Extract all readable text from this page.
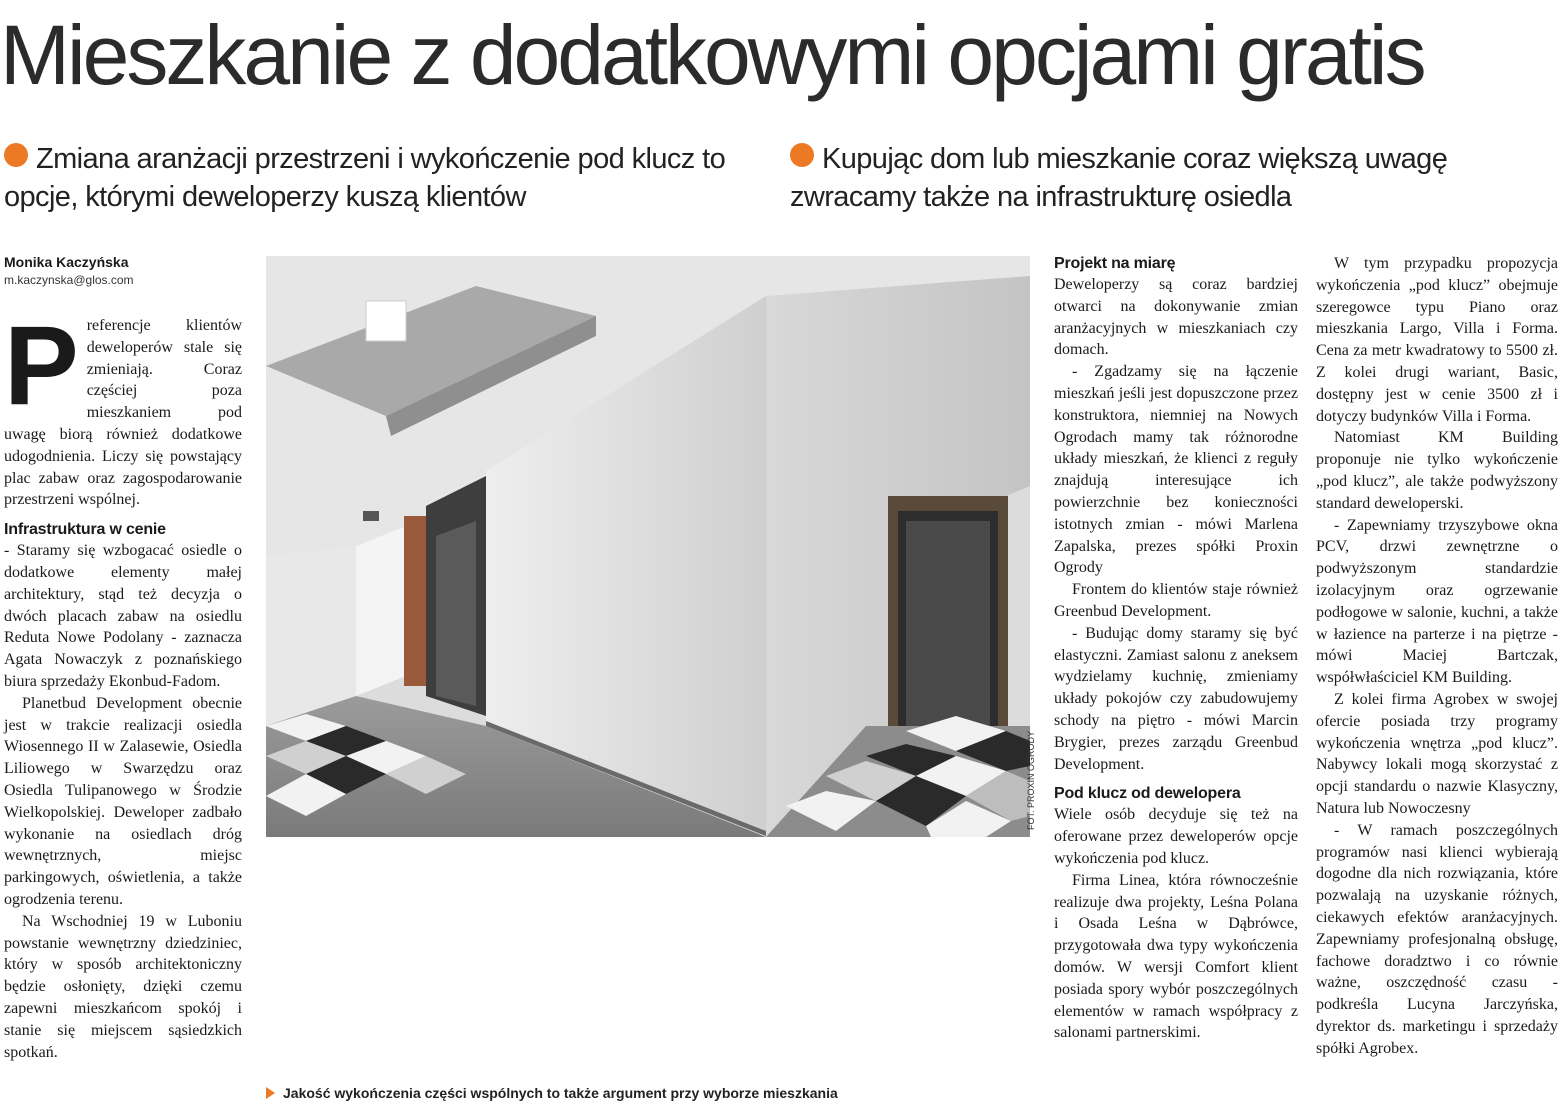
Mieszkanie z dodatkowymi opcjami gratis
Zmiana aranżacji przestrzeni i wykończenie pod klucz to opcje, którymi deweloperzy kuszą klientów
Kupując dom lub mieszkanie coraz większą uwagę zwracamy także na infrastrukturę osiedla
Monika Kaczyńska
m.kaczynska@glos.com

Preferencje klientów deweloperów stale się zmieniają. Coraz częściej poza mieszkaniem pod uwagę biorą również dodatkowe udogodnienia. Liczy się powstający plac zabaw oraz zagospodarowanie przestrzeni wspólnej.

Infrastruktura w cenie

- Staramy się wzbogacać osiedle o dodatkowe elementy małej architektury, stąd też decyzja o dwóch placach zabaw na osiedlu Reduta Nowe Podolany - zaznacza Agata Nowaczyk z poznańskiego biura sprzedaży Ekonbud-Fadom.

Planetbud Development obecnie jest w trakcie realizacji osiedla Wiosennego II w Zalasewie, Osiedla Liliowego w Swarzędzu oraz Osiedla Tulipanowego w Środzie Wielkopolskiej. Deweloper zadbało wykonanie na osiedlach dróg wewnętrznych, miejsc parkingowych, oświetlenia, a także ogrodzenia terenu.

Na Wschodniej 19 w Luboniu powstanie wewnętrzny dziedziniec, który w sposób architektoniczny będzie osłonięty, dzięki czemu zapewni mieszkańcom spokój i stanie się miejscem sąsiedzkich spotkań.

FOT. PROXIN OGRODY
Jakość wykończenia części wspólnych to także argument przy wyborze mieszkania
Projekt na miarę

Deweloperzy są coraz bardziej otwarci na dokonywanie zmian aranżacyjnych w mieszkaniach czy domach.

- Zgadzamy się na łączenie mieszkań jeśli jest dopuszczone przez konstruktora, niemniej na Nowych Ogrodach mamy tak różnorodne układy mieszkań, że klienci z reguły znajdują interesujące ich powierzchnie bez konieczności istotnych zmian - mówi Marlena Zapalska, prezes spółki Proxin Ogrody

Frontem do klientów staje również Greenbud Development.

- Budując domy staramy się być elastyczni. Zamiast salonu z aneksem wydzielamy kuchnię, zmieniamy układy pokojów czy zabudowujemy schody na piętro - mówi Marcin Brygier, prezes zarządu Greenbud Development.

Pod klucz od dewelopera

Wiele osób decyduje się też na oferowane przez deweloperów opcje wykończenia pod klucz.

Firma Linea, która równocześnie realizuje dwa projekty, Leśna Polana i Osada Leśna w Dąbrówce, przygotowała dwa typy wykończenia domów. W wersji Comfort klient posiada spory wybór poszczególnych elementów w ramach współpracy z salonami partnerskimi.

W tym przypadku propozycja wykończenia „pod klucz” obejmuje szeregowce typu Piano oraz mieszkania Largo, Villa i Forma. Cena za metr kwadratowy to 5500 zł. Z kolei drugi wariant, Basic, dostępny jest w cenie 3500 zł i dotyczy budynków Villa i Forma.

Natomiast KM Building proponuje nie tylko wykończenie „pod klucz”, ale także podwyższony standard deweloperski.

- Zapewniamy trzyszybowe okna PCV, drzwi zewnętrzne o podwyższonym standardzie izolacyjnym oraz ogrzewanie podłogowe w salonie, kuchni, a także w łazience na parterze i na piętrze - mówi Maciej Bartczak, współwłaściciel KM Building.

Z kolei firma Agrobex w swojej ofercie posiada trzy programy wykończenia wnętrza „pod klucz”. Nabywcy lokali mogą skorzystać z opcji standardu o nazwie Klasyczny, Natura lub Nowoczesny

- W ramach poszczególnych programów nasi klienci wybierają dogodne dla nich rozwiązania, które pozwalają na uzyskanie różnych, ciekawych efektów aranżacyjnych. Zapewniamy profesjonalną obsługę, fachowe doradztwo i co równie ważne, oszczędność czasu - podkreśla Lucyna Jarczyńska, dyrektor ds. marketingu i sprzedaży spółki Agrobex.
